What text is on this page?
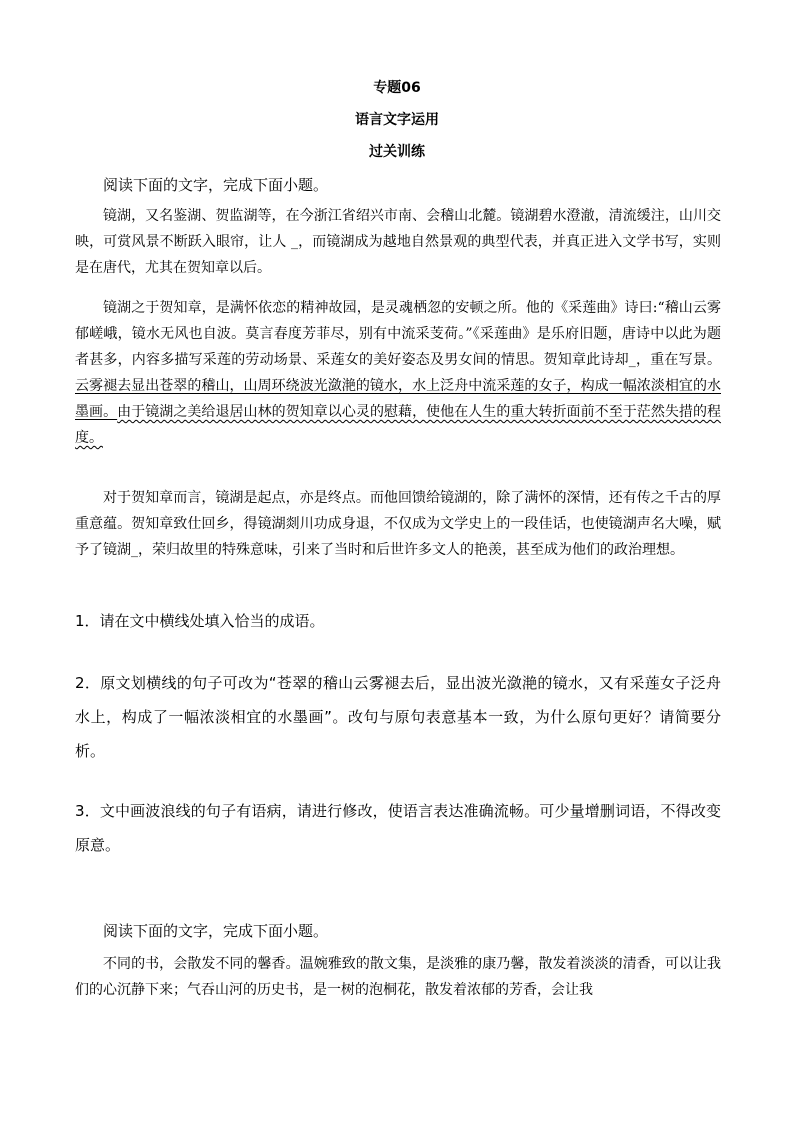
专题06
语言文字运用
过关训练

阅读下面的文字，完成下面小题。

镜湖，又名鉴湖、贺监湖等，在今浙江省绍兴市南、会稽山北麓。镜湖碧水澄澈，清流缓注，山川交映，可赏风景不断跃入眼帘，让人 _，而镜湖成为越地自然景观的典型代表，并真正进入文学书写，实则是在唐代，尤其在贺知章以后。

镜湖之于贺知章，是满怀依恋的精神故园，是灵魂栖忽的安顿之所。他的《采莲曲》诗曰:“稽山云雾郁嵯峨，镜水无风也自波。莫言春度芳菲尽，别有中流采芰荷。”《采莲曲》是乐府旧题，唐诗中以此为题者甚多，内容多描写采莲的劳动场景、采莲女的美好姿态及男女间的情思。贺知章此诗却_，重在写景。云雾褪去显出苍翠的稽山，山周环绕波光潋滟的镜水，水上泛舟中流采莲的女子，构成一幅浓淡相宜的水墨画。由于镜湖之美给退居山林的贺知章以心灵的慰藉，使他在人生的重大转折面前不至于茫然失措的程度。

对于贺知章而言，镜湖是起点，亦是终点。而他回馈给镜湖的，除了满怀的深情，还有传之千古的厚重意蕴。贺知章致仕回乡，得镜湖剡川功成身退，不仅成为文学史上的一段佳话，也使镜湖声名大噪，赋予了镜湖_，荣归故里的特殊意味，引来了当时和后世许多文人的艳羡，甚至成为他们的政治理想。

1．请在文中横线处填入恰当的成语。

2．原文划横线的句子可改为“苍翠的稽山云雾褪去后，显出波光潋滟的镜水，又有采莲女子泛舟水上，构成了一幅浓淡相宜的水墨画”。改句与原句表意基本一致，为什么原句更好？请简要分析。

3．文中画波浪线的句子有语病，请进行修改，使语言表达准确流畅。可少量增删词语，不得改变原意。

阅读下面的文字，完成下面小题。

不同的书，会散发不同的馨香。温婉雅致的散文集，是淡雅的康乃馨，散发着淡淡的清香，可以让我们的心沉静下来；气吞山河的历史书，是一树的泡桐花，散发着浓郁的芳香，会让我
